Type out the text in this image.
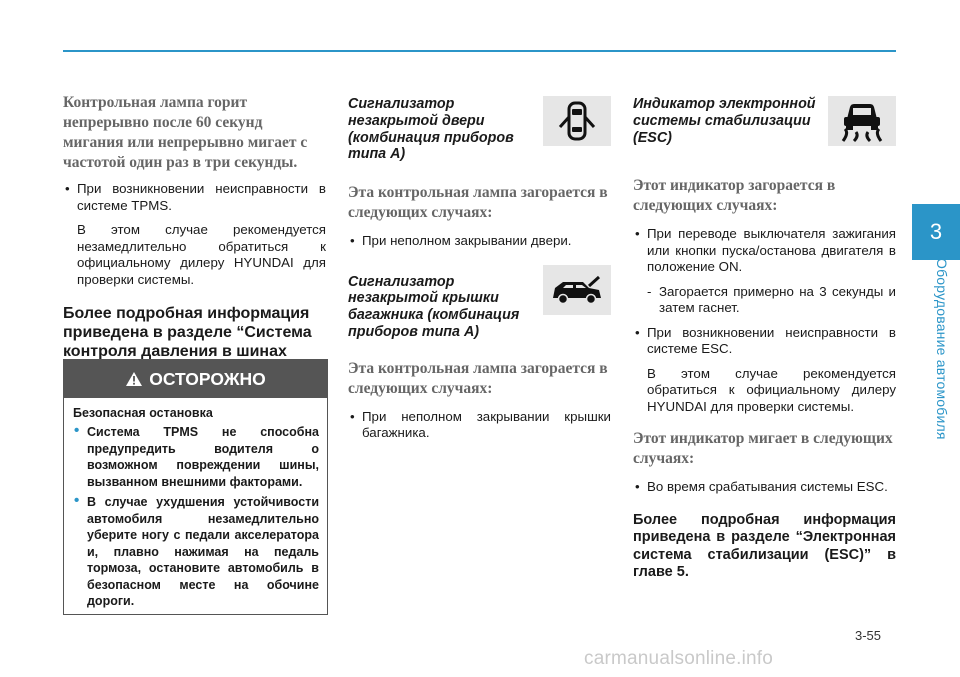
3
Оборудование автомобиля

Контрольная лампа горит непрерывно после 60 секунд мигания или непрерывно мигает с частотой один раз в три секунды.

• При возникновении неисправности в системе TPMS.

В этом случае рекомендуется незамедлительно обратиться к официальному дилеру HYUNDAI для проверки системы.

Более подробная информация приведена в разделе “Система контроля давления в шинах

ОСТОРОЖНО

Безопасная остановка

• Система TPMS не способна предупредить водителя о возможном повреждении шины, вызванном внешними факторами.

• В случае ухудшения устойчивости автомобиля незамедлительно уберите ногу с педали акселератора и, плавно нажимая на педаль тормоза, остановите автомобиль в безопасном месте на обочине дороги.

Сигнализатор незакрытой двери (комбинация приборов типа A)

Эта контрольная лампа загорается в следующих случаях:

• При неполном закрывании двери.

Сигнализатор незакрытой крышки багажника (комбинация приборов типа A)

Эта контрольная лампа загорается в следующих случаях:

• При неполном закрывании крышки багажника.

Индикатор электронной системы стабилизации (ESC)

Этот индикатор загорается в следующих случаях:

• При переводе выключателя зажигания или кнопки пуска/останова двигателя в положение ON.

- Загорается примерно на 3 секунды и затем гаснет.

• При возникновении неисправности в системе ESC.

В этом случае рекомендуется обратиться к официальному дилеру HYUNDAI для проверки системы.

Этот индикатор мигает в следующих случаях:

• Во время срабатывания системы ESC.

Более подробная информация приведена в разделе “Электронная система стабилизации (ESC)” в главе 5.

3-55
carmanualsonline.info
